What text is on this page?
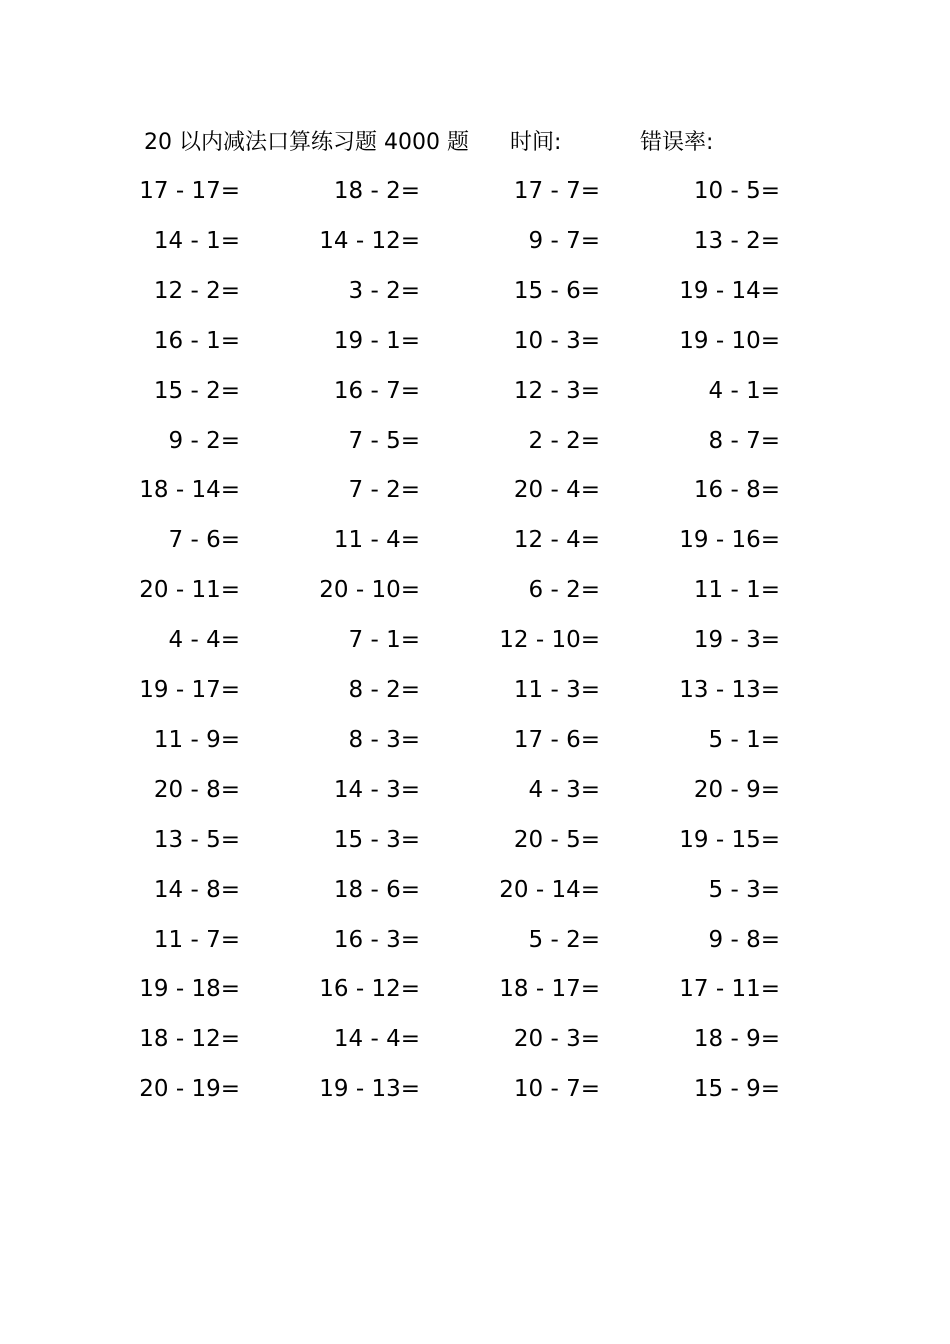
20 以内减法口算练习题 4000 题 时间:	错误率:
17 - 17=	18 - 2=	17 - 7=	10 - 5=
14 - 1=	14 - 12=	9 - 7=	13 - 2=
12 - 2=	3 - 2=	15 - 6=	19 - 14=
16 - 1=	19 - 1=	10 - 3=	19 - 10=
15 - 2=	16 - 7=	12 - 3=	4 - 1=
9 - 2=	7 - 5=	2 - 2=	8 - 7=
18 - 14=	7 - 2=	20 - 4=	16 - 8=
7 - 6=	11 - 4=	12 - 4=	19 - 16=
20 - 11=	20 - 10=	6 - 2=	11 - 1=
4 - 4=	7 - 1=	12 - 10=	19 - 3=
19 - 17=	8 - 2=	11 - 3=	13 - 13=
11 - 9=	8 - 3=	17 - 6=	5 - 1=
20 - 8=	14 - 3=	4 - 3=	20 - 9=
13 - 5=	15 - 3=	20 - 5=	19 - 15=
14 - 8=	18 - 6=	20 - 14=	5 - 3=
11 - 7=	16 - 3=	5 - 2=	9 - 8=
19 - 18=	16 - 12=	18 - 17=	17 - 11=
18 - 12=	14 - 4=	20 - 3=	18 - 9=
20 - 19=	19 - 13=	10 - 7=	15 - 9=
